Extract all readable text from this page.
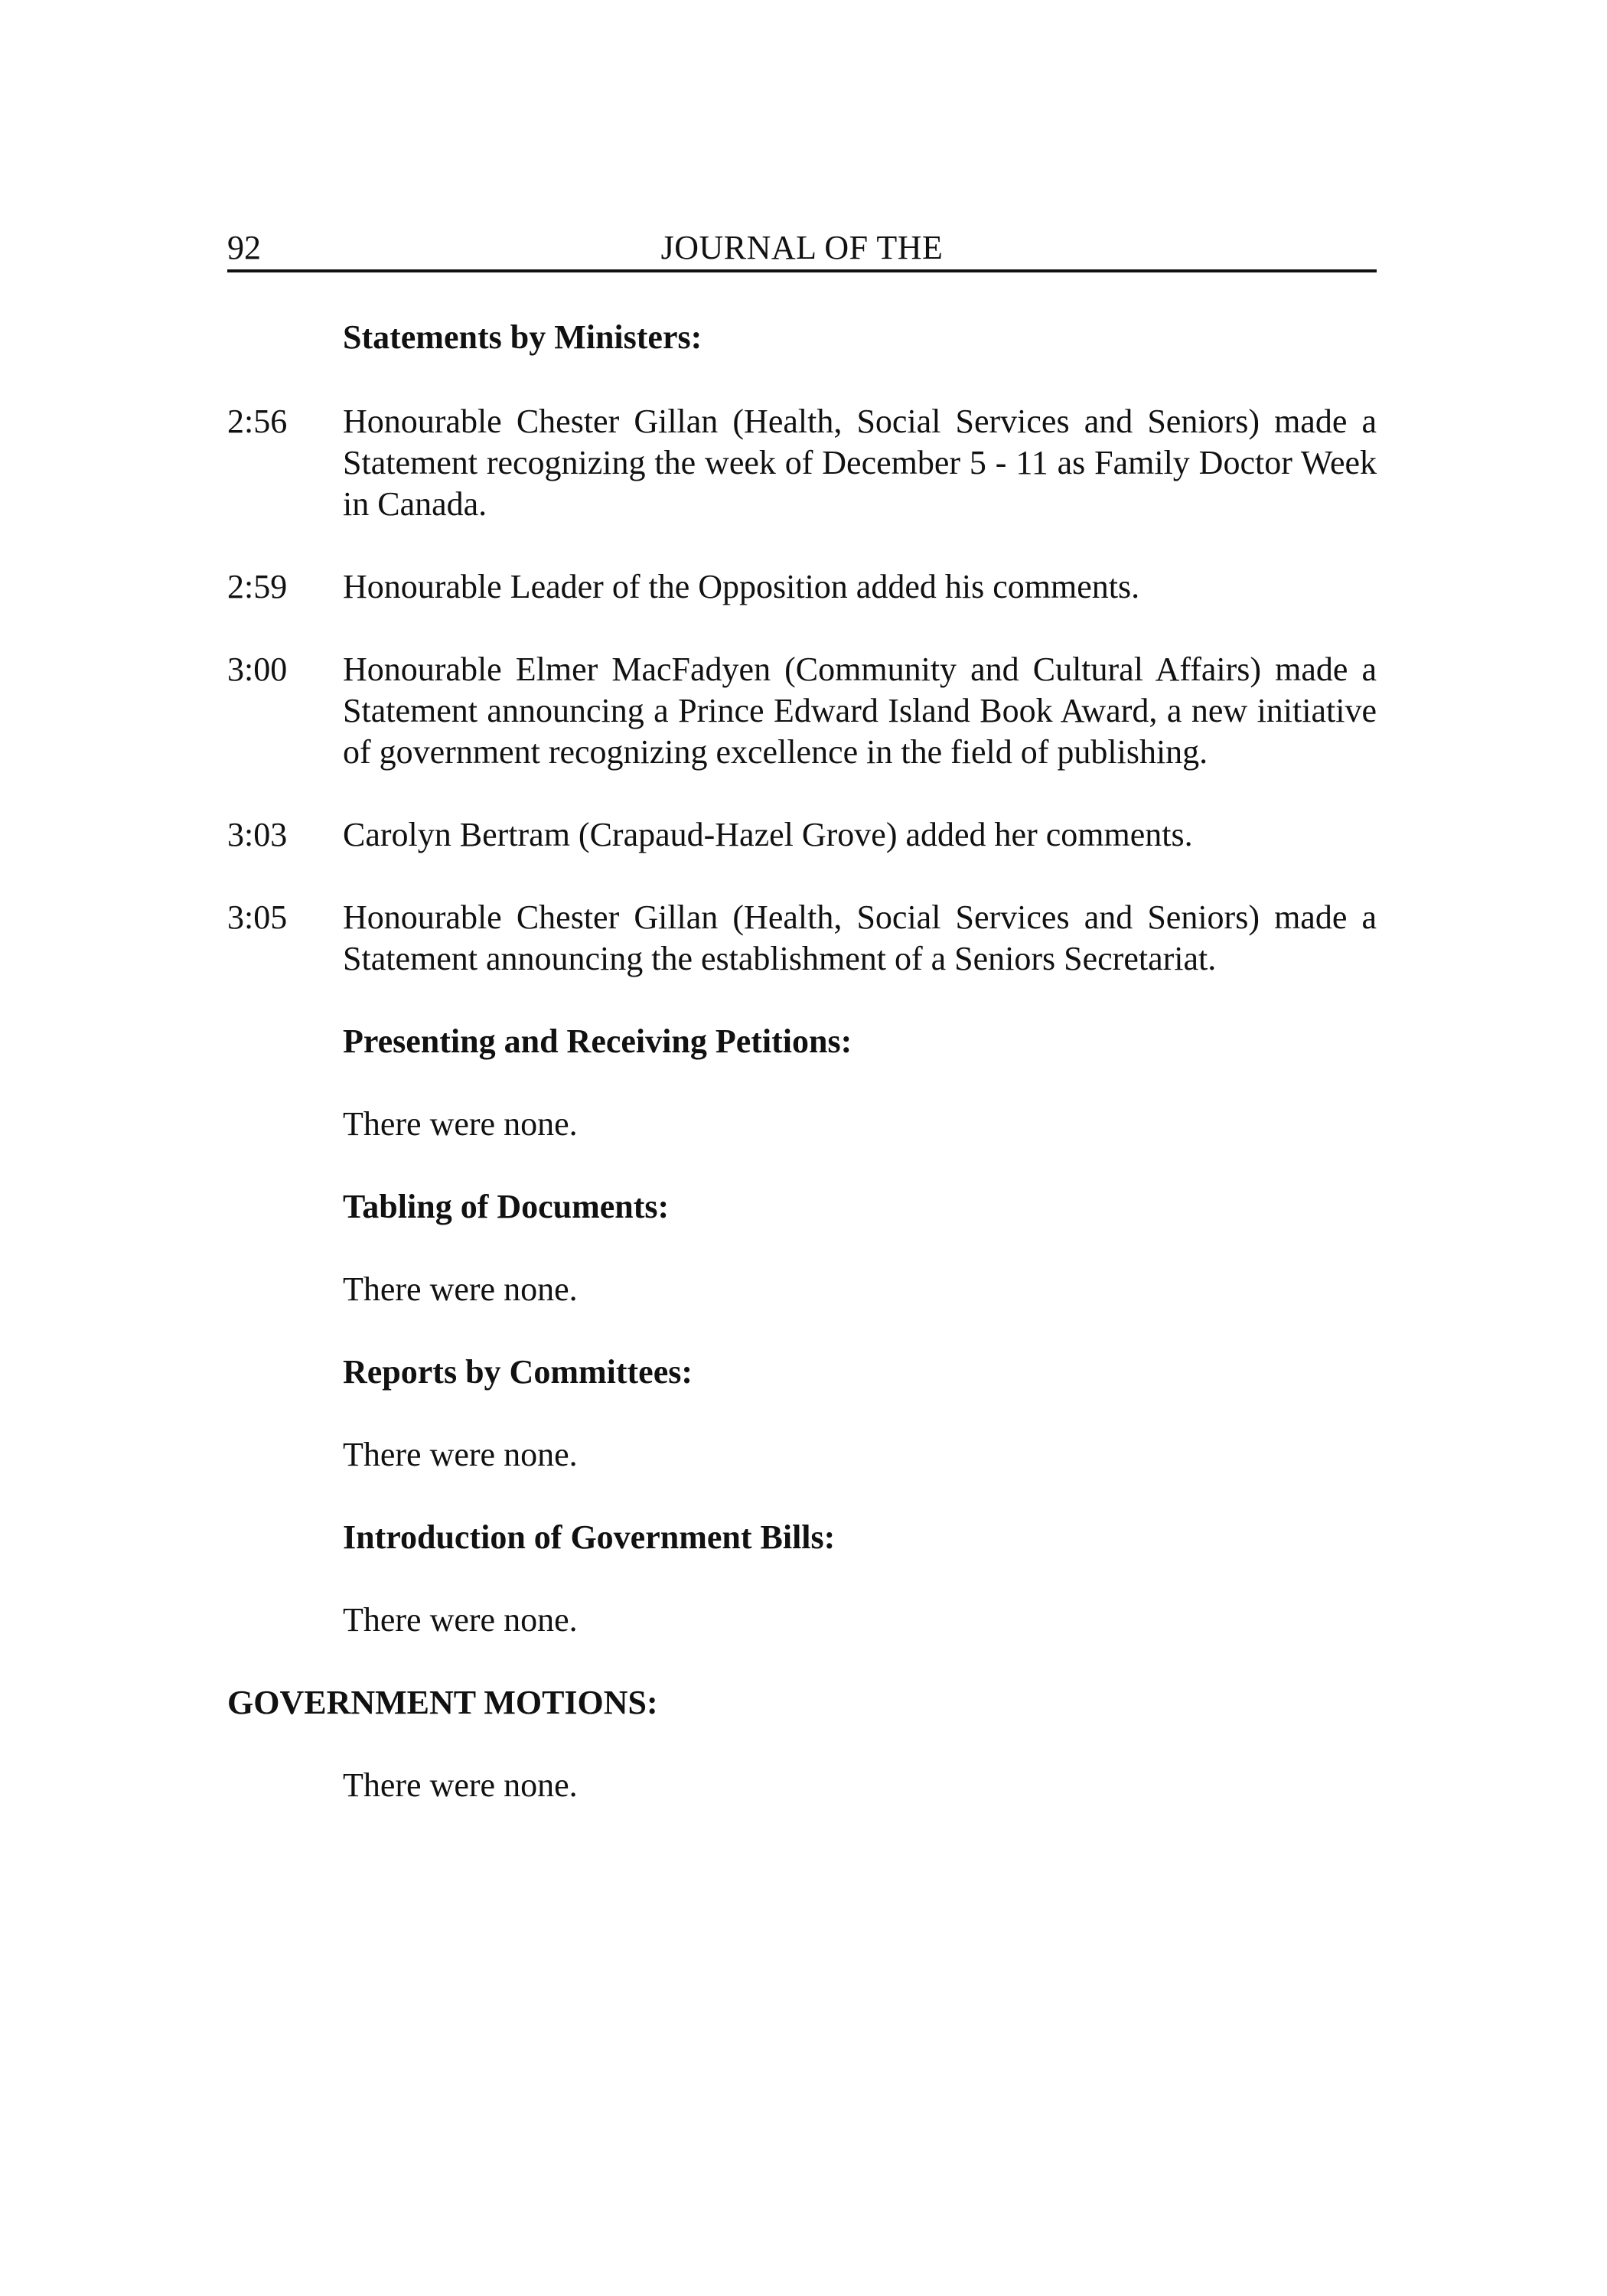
92	JOURNAL OF THE
Statements by Ministers:
2:56	Honourable Chester Gillan (Health, Social Services and Seniors) made a Statement recognizing the week of December 5 - 11 as Family Doctor Week in Canada.
2:59	Honourable Leader of the Opposition added his comments.
3:00	Honourable Elmer MacFadyen (Community and Cultural Affairs) made a Statement announcing a Prince Edward Island Book Award, a new initiative of government recognizing excellence in the field of publishing.
3:03	Carolyn Bertram (Crapaud-Hazel Grove) added her comments.
3:05	Honourable Chester Gillan (Health, Social Services and Seniors) made a Statement announcing the establishment of a Seniors Secretariat.
Presenting and Receiving Petitions:
There were none.
Tabling of Documents:
There were none.
Reports by Committees:
There were none.
Introduction of Government Bills:
There were none.
GOVERNMENT MOTIONS:
There were none.
